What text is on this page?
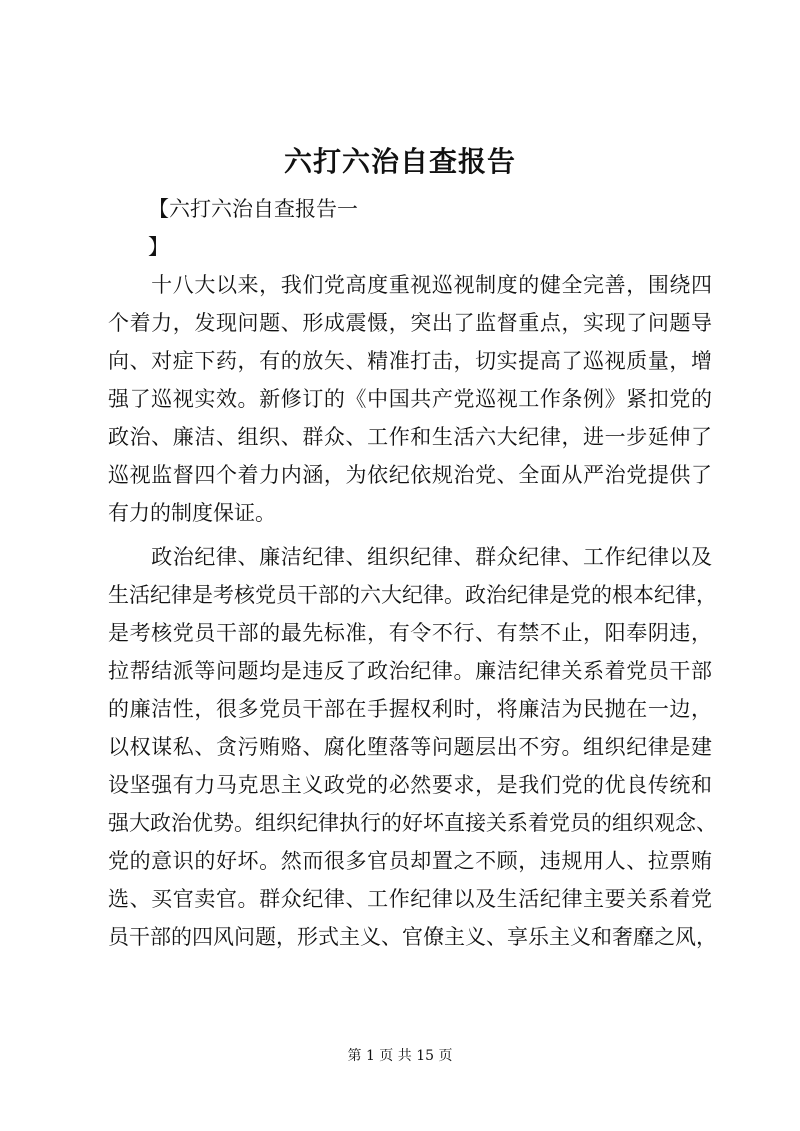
六打六治自查报告
【六打六治自查报告一
】
　　十八大以来，我们党高度重视巡视制度的健全完善，围绕四
个着力，发现问题、形成震慑，突出了监督重点，实现了问题导
向、对症下药，有的放矢、精准打击，切实提高了巡视质量，增
强了巡视实效。新修订的《中国共产党巡视工作条例》紧扣党的
政治、廉洁、组织、群众、工作和生活六大纪律，进一步延伸了
巡视监督四个着力内涵，为依纪依规治党、全面从严治党提供了
有力的制度保证。
　　政治纪律、廉洁纪律、组织纪律、群众纪律、工作纪律以及
生活纪律是考核党员干部的六大纪律。政治纪律是党的根本纪律，
是考核党员干部的最先标准，有令不行、有禁不止，阳奉阴违，
拉帮结派等问题均是违反了政治纪律。廉洁纪律关系着党员干部
的廉洁性，很多党员干部在手握权利时，将廉洁为民抛在一边，
以权谋私、贪污贿赂、腐化堕落等问题层出不穷。组织纪律是建
设坚强有力马克思主义政党的必然要求，是我们党的优良传统和
强大政治优势。组织纪律执行的好坏直接关系着党员的组织观念、
党的意识的好坏。然而很多官员却置之不顾，违规用人、拉票贿
选、买官卖官。群众纪律、工作纪律以及生活纪律主要关系着党
员干部的四风问题，形式主义、官僚主义、享乐主义和奢靡之风，
第 1 页 共 15 页
